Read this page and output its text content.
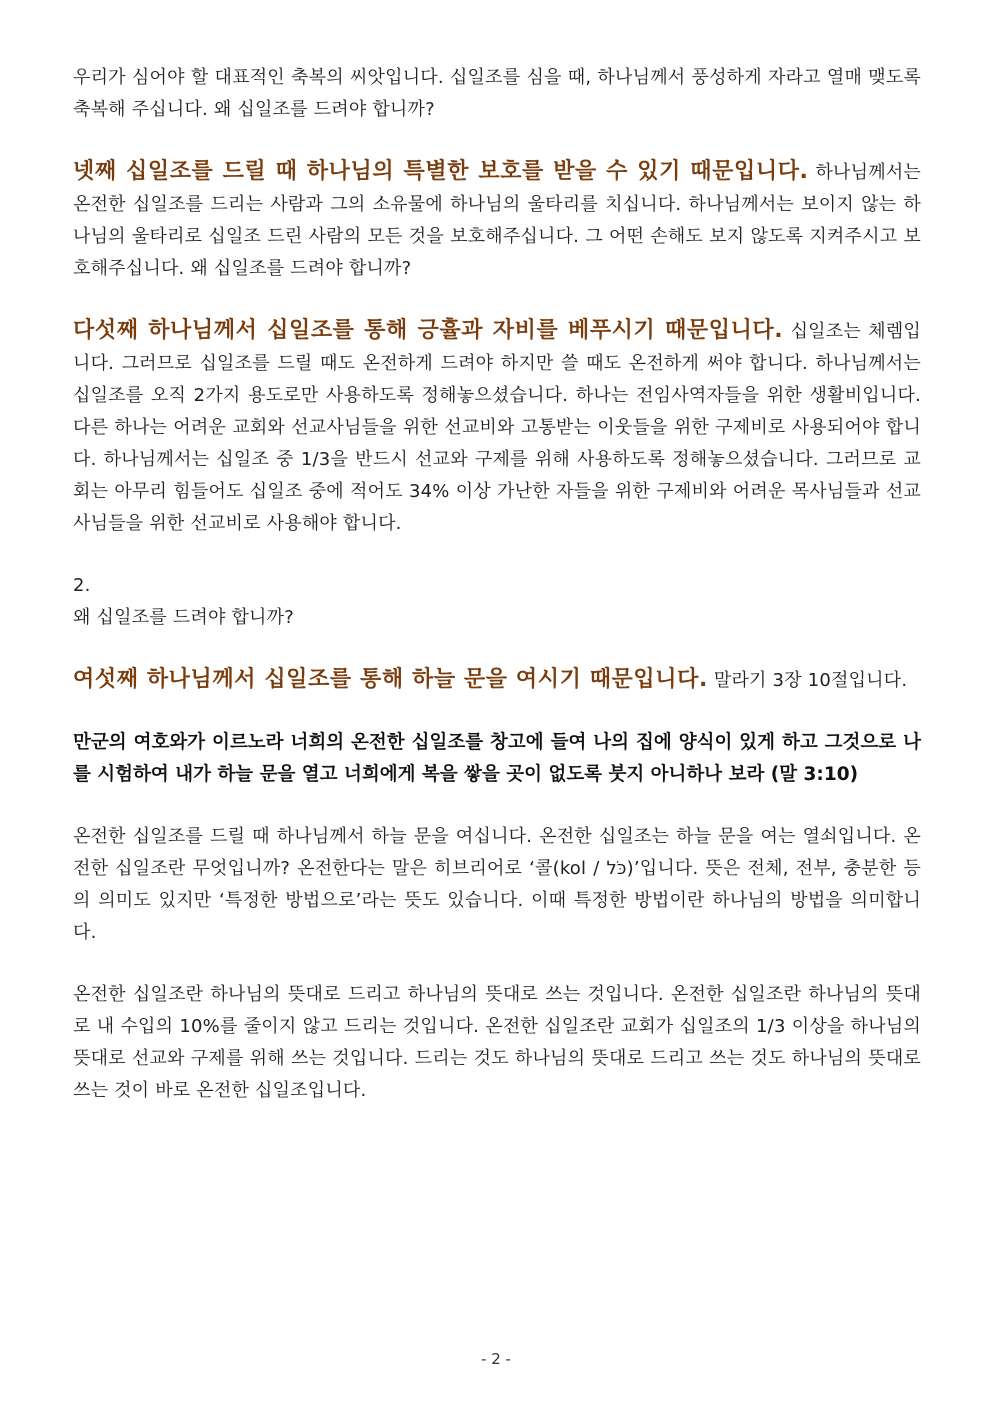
우리가 심어야 할 대표적인 축복의 씨앗입니다. 십일조를 심을 때, 하나님께서 풍성하게 자라고 열매 맺도록 축복해 주십니다. 왜 십일조를 드려야 합니까?

넷째 십일조를 드릴 때 하나님의 특별한 보호를 받을 수 있기 때문입니다. 하나님께서는 온전한 십일조를 드리는 사람과 그의 소유물에 하나님의 울타리를 치십니다. 하나님께서는 보이지 않는 하나님의 울타리로 십일조 드린 사람의 모든 것을 보호해주십니다. 그 어떤 손해도 보지 않도록 지켜주시고 보호해주십니다. 왜 십일조를 드려야 합니까?

다섯째 하나님께서 십일조를 통해 긍휼과 자비를 베푸시기 때문입니다. 십일조는 체렘입니다. 그러므로 십일조를 드릴 때도 온전하게 드려야 하지만 쓸 때도 온전하게 써야 합니다. 하나님께서는 십일조를 오직 2가지 용도로만 사용하도록 정해놓으셨습니다. 하나는 전임사역자들을 위한 생활비입니다. 다른 하나는 어려운 교회와 선교사님들을 위한 선교비와 고통받는 이웃들을 위한 구제비로 사용되어야 합니다. 하나님께서는 십일조 중 1/3을 반드시 선교와 구제를 위해 사용하도록 정해놓으셨습니다. 그러므로 교회는 아무리 힘들어도 십일조 중에 적어도 34% 이상 가난한 자들을 위한 구제비와 어려운 목사님들과 선교사님들을 위한 선교비로 사용해야 합니다.

2.

왜 십일조를 드려야 합니까?

여섯째 하나님께서 십일조를 통해 하늘 문을 여시기 때문입니다. 말라기 3장 10절입니다.

만군의 여호와가 이르노라 너희의 온전한 십일조를 창고에 들여 나의 집에 양식이 있게 하고 그것으로 나를 시험하여 내가 하늘 문을 열고 너희에게 복을 쌓을 곳이 없도록 붓지 아니하나 보라 (말 3:10)

온전한 십일조를 드릴 때 하나님께서 하늘 문을 여십니다. 온전한 십일조는 하늘 문을 여는 열쇠입니다. 온전한 십일조란 무엇입니까? 온전한다는 말은 히브리어로 ‘콜(kol / כֹּל)’입니다. 뜻은 전체, 전부, 충분한 등의 의미도 있지만 ‘특정한 방법으로’라는 뜻도 있습니다. 이때 특정한 방법이란 하나님의 방법을 의미합니다.

온전한 십일조란 하나님의 뜻대로 드리고 하나님의 뜻대로 쓰는 것입니다. 온전한 십일조란 하나님의 뜻대로 내 수입의 10%를 줄이지 않고 드리는 것입니다. 온전한 십일조란 교회가 십일조의 1/3 이상을 하나님의 뜻대로 선교와 구제를 위해 쓰는 것입니다. 드리는 것도 하나님의 뜻대로 드리고 쓰는 것도 하나님의 뜻대로 쓰는 것이 바로 온전한 십일조입니다.

- 2 -
